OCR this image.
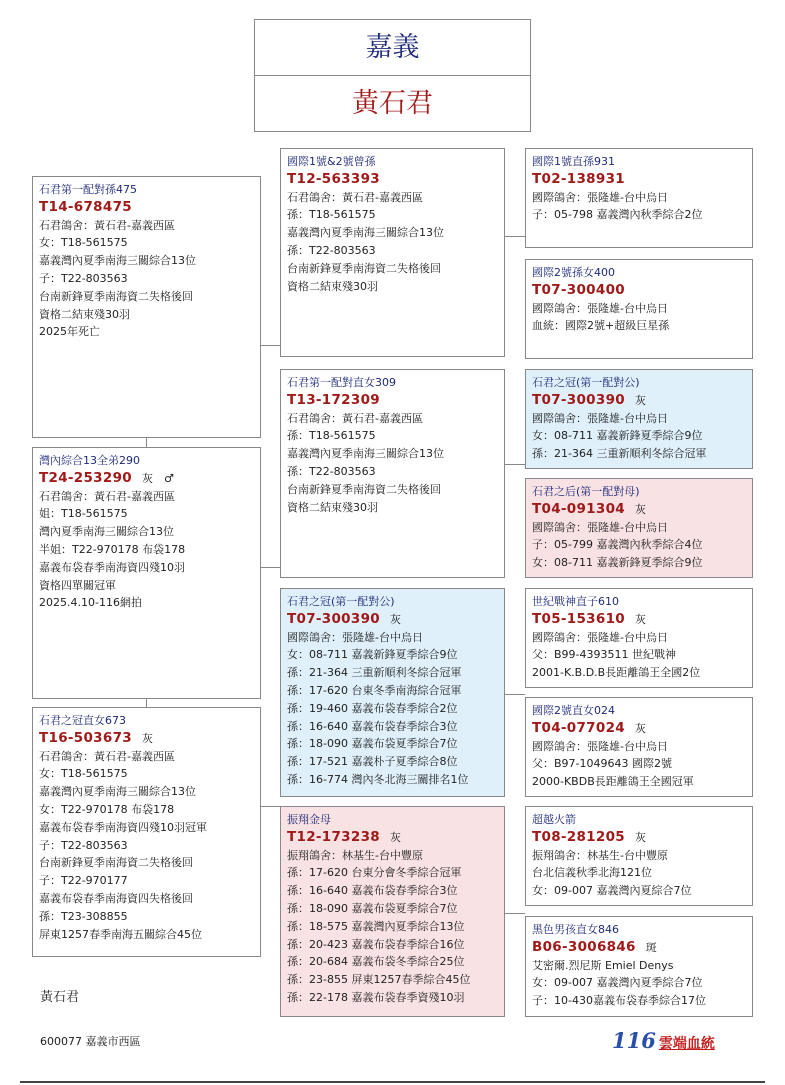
嘉義
黃石君
石君第一配對孫475
T14-678475
石君鴿舍：黃石君-嘉義西區
女：T18-561575
嘉義灣內夏季南海三關綜合13位
子：T22-803563
台南新鋒夏季南海資二失格後回
資格二結束殘30羽
2025年死亡
灣內綜合13全弟290
T24-253290 灰　♂
石君鴿舍：黃石君-嘉義西區
姐：T18-561575
灣內夏季南海三關綜合13位
半姐：T22-970178 布袋178
嘉義布袋春季南海資四殘10羽
資格四單關冠軍
2025.4.10-116網拍
石君之冠直女673
T16-503673 灰
石君鴿舍：黃石君-嘉義西區
女：T18-561575
嘉義灣內夏季南海三關綜合13位
女：T22-970178 布袋178
嘉義布袋春季南海資四殘10羽冠軍
子：T22-803563
台南新鋒夏季南海資二失格後回
子：T22-970177
嘉義布袋春季南海資四失格後回
孫：T23-308855
屏東1257春季南海五關綜合45位
國際1號&2號曾孫
T12-563393
石君鴿舍：黃石君-嘉義西區
孫：T18-561575
嘉義灣內夏季南海三關綜合13位
孫：T22-803563
台南新鋒夏季南海資二失格後回
資格二結束殘30羽
石君第一配對直女309
T13-172309
石君鴿舍：黃石君-嘉義西區
孫：T18-561575
嘉義灣內夏季南海三關綜合13位
孫：T22-803563
台南新鋒夏季南海資二失格後回
資格二結束殘30羽
石君之冠(第一配對公)
T07-300390 灰
國際鴿舍：張隆雄-台中烏日
女：08-711 嘉義新鋒夏季綜合9位
孫：21-364 三重新順利冬綜合冠軍
孫：17-620 台東冬季南海綜合冠軍
孫：19-460 嘉義布袋春季綜合2位
孫：16-640 嘉義布袋春季綜合3位
孫：18-090 嘉義布袋夏季綜合7位
孫：17-521 嘉義朴子夏季綜合8位
孫：16-774 灣內冬北海三關排名1位
振翔金母
T12-173238 灰
振翔鴿舍：林基生-台中豐原
孫：17-620 台東分會冬季綜合冠軍
孫：16-640 嘉義布袋春季綜合3位
孫：18-090 嘉義布袋夏季綜合7位
孫：18-575 嘉義灣內夏季綜合13位
孫：20-423 嘉義布袋春季綜合16位
孫：20-684 嘉義布袋冬季綜合25位
孫：23-855 屏東1257春季綜合45位
孫：22-178 嘉義布袋春季資殘10羽
國際1號直孫931
T02-138931
國際鴿舍：張隆雄-台中烏日
子：05-798 嘉義灣內秋季綜合2位
國際2號孫女400
T07-300400
國際鴿舍：張隆雄-台中烏日
血統：國際2號+超級巨星孫
石君之冠(第一配對公)
T07-300390 灰
國際鴿舍：張隆雄-台中烏日
女：08-711 嘉義新鋒夏季綜合9位
孫：21-364 三重新順利冬綜合冠軍
石君之后(第一配對母)
T04-091304 灰
國際鴿舍：張隆雄-台中烏日
子：05-799 嘉義灣內秋季綜合4位
女：08-711 嘉義新鋒夏季綜合9位
世紀戰神直子610
T05-153610 灰
國際鴿舍：張隆雄-台中烏日
父：B99-4393511 世紀戰神
2001-K.B.D.B長距離鴿王全國2位
國際2號直女024
T04-077024 灰
國際鴿舍：張隆雄-台中烏日
父：B97-1049643 國際2號
2000-KBDB長距離鴿王全國冠軍
超越火箭
T08-281205 灰
振翔鴿舍：林基生-台中豐原
台北信義秋季北海121位
女：09-007 嘉義灣內夏綜合7位
黑色男孩直女846
B06-3006846 斑
艾密爾.烈尼斯 Emiel Denys
女：09-007 嘉義灣內夏季綜合7位
子：10-430嘉義布袋春季綜合17位
黃石君
600077 嘉義市西區	116 雲端血統
